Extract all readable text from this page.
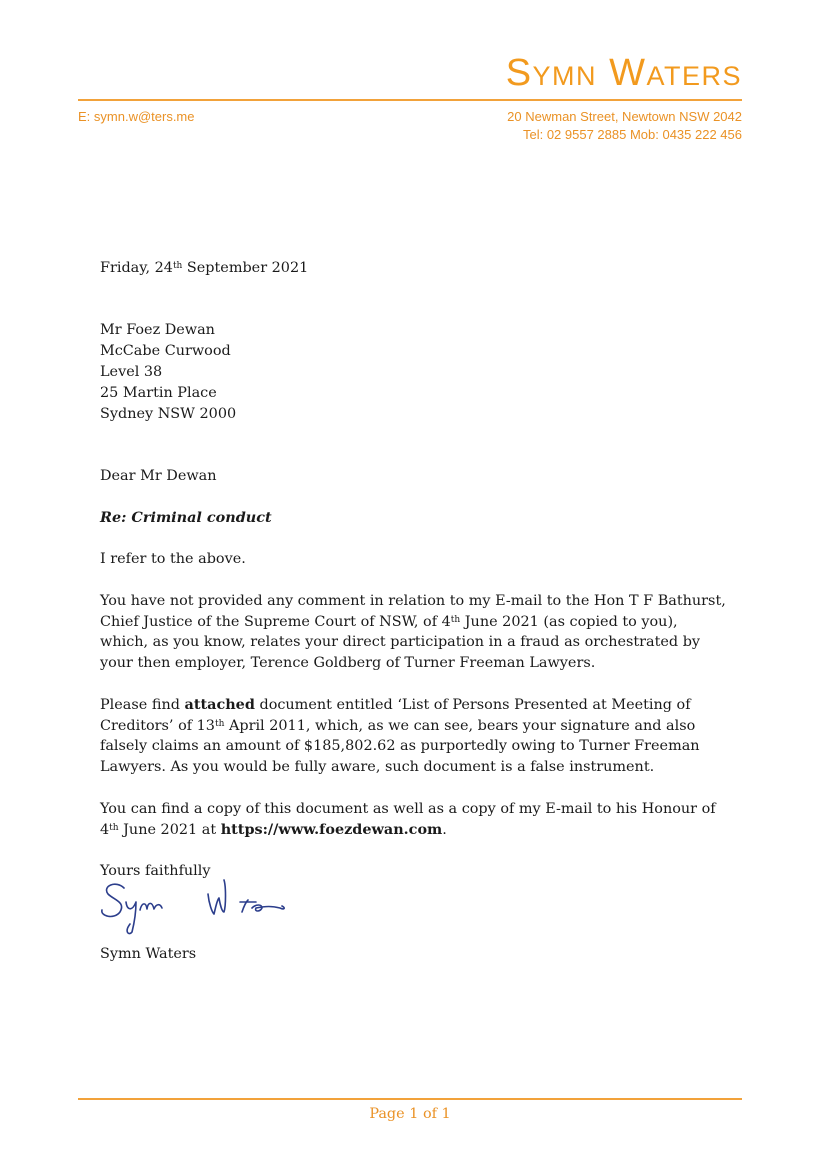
Symn Waters
E: symn.w@ters.me	20 Newman Street, Newtown NSW 2042
Tel: 02 9557 2885 Mob: 0435 222 456

Friday, 24th September 2021

Mr Foez Dewan

McCabe Curwood

Level 38

25 Martin Place

Sydney NSW 2000

Dear Mr Dewan

Re: Criminal conduct

I refer to the above.

You have not provided any comment in relation to my E-mail to the Hon T F Bathurst, Chief Justice of the Supreme Court of NSW, of 4th June 2021 (as copied to you), which, as you know, relates your direct participation in a fraud as orchestrated by your then employer, Terence Goldberg of Turner Freeman Lawyers.

Please find attached document entitled ‘List of Persons Presented at Meeting of Creditors’ of 13th April 2011, which, as we can see, bears your signature and also falsely claims an amount of $185,802.62 as purportedly owing to Turner Freeman Lawyers. As you would be fully aware, such document is a false instrument.

You can find a copy of this document as well as a copy of my E-mail to his Honour of 4th June 2021 at https://www.foezdewan.com.

Yours faithfully

Symn Waters

Page 1 of 1
